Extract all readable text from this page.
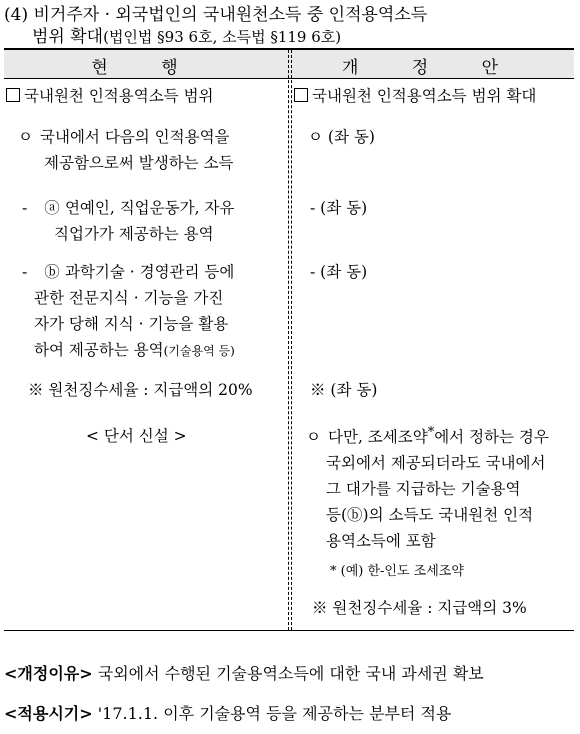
(4) 비거주자 · 외국법인의 국내원천소득 중 인적용역소득
범위 확대(법인법 §93 6호, 소득법 §119 6호)
현 행	개 정 안
국내원천 인적용역소득 범위
ㅇ 국내에서 다음의 인적용역을
제공함으로써 발생하는 소득
- ⓐ 연예인, 직업운동가, 자유
직업가가 제공하는 용역
- ⓑ 과학기술 · 경영관리 등에
관한 전문지식 · 기능을 가진
자가 당해 지식 · 기능을 활용
하여 제공하는 용역(기술용역 등)
※ 원천징수세율 : 지급액의 20%
< 단서 신설 >
국내원천 인적용역소득 범위 확대
ㅇ (좌 동)
- (좌 동)
- (좌 동)
※ (좌 동)
ㅇ 다만, 조세조약*에서 정하는 경우
국외에서 제공되더라도 국내에서
그 대가를 지급하는 기술용역
등(ⓑ)의 소득도 국내원천 인적
용역소득에 포함
* (예) 한-인도 조세조약
※ 원천징수세율 : 지급액의 3%
<개정이유> 국외에서 수행된 기술용역소득에 대한 국내 과세권 확보
<적용시기> '17.1.1. 이후 기술용역 등을 제공하는 분부터 적용
